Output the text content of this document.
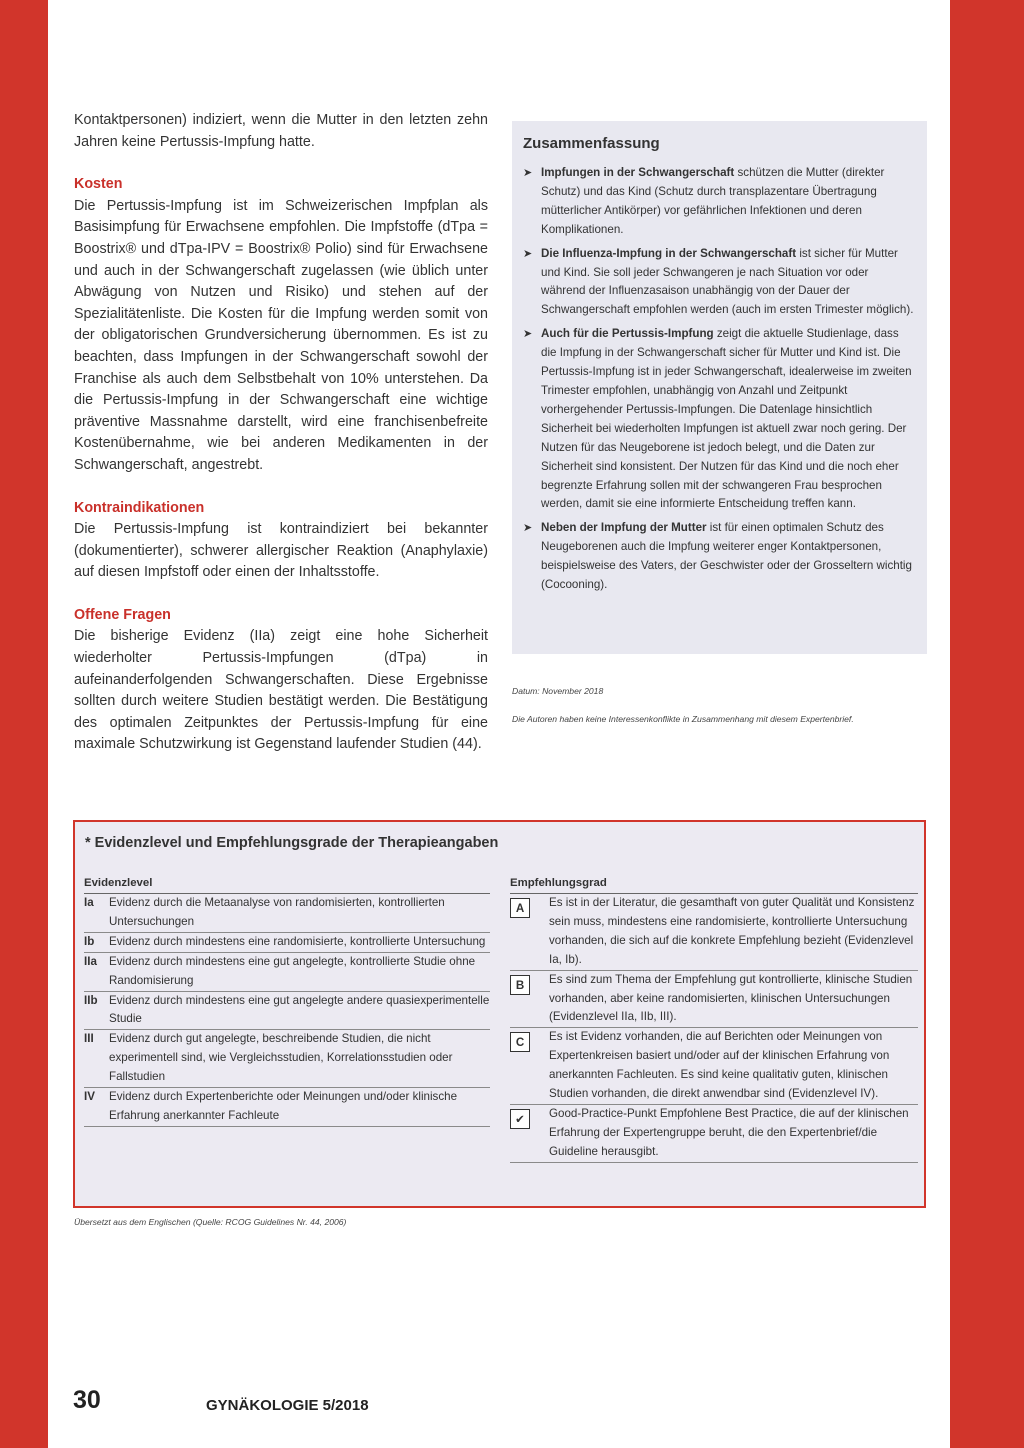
Kontaktpersonen) indiziert, wenn die Mutter in den letzten zehn Jahren keine Pertussis-Impfung hatte.

Kosten

Die Pertussis-Impfung ist im Schweizerischen Impfplan als Basisimpfung für Erwachsene empfohlen. Die Impfstoffe (dTpa = Boostrix® und dTpa-IPV = Boostrix® Polio) sind für Erwachsene und auch in der Schwangerschaft zugelassen (wie üblich unter Abwägung von Nutzen und Risiko) und stehen auf der Spezialitätenliste. Die Kosten für die Impfung werden somit von der obligatorischen Grundversicherung übernommen. Es ist zu beachten, dass Impfungen in der Schwangerschaft sowohl der Franchise als auch dem Selbstbehalt von 10% unterstehen. Da die Pertussis-Impfung in der Schwangerschaft eine wichtige präventive Massnahme darstellt, wird eine franchisenbefreite Kostenübernahme, wie bei anderen Medikamenten in der Schwangerschaft, angestrebt.

Kontraindikationen

Die Pertussis-Impfung ist kontraindiziert bei bekannter (dokumentierter), schwerer allergischer Reaktion (Anaphylaxie) auf diesen Impfstoff oder einen der Inhaltsstoffe.

Offene Fragen

Die bisherige Evidenz (IIa) zeigt eine hohe Sicherheit wiederholter Pertussis-Impfungen (dTpa) in aufeinanderfolgenden Schwangerschaften. Diese Ergebnisse sollten durch weitere Studien bestätigt werden. Die Bestätigung des optimalen Zeitpunktes der Pertussis-Impfung für eine maximale Schutzwirkung ist Gegenstand laufender Studien (44).

Zusammenfassung
➤ Impfungen in der Schwangerschaft schützen die Mutter (direkter Schutz) und das Kind (Schutz durch transplazentare Übertragung mütterlicher Antikörper) vor gefährlichen Infektionen und deren Komplikationen.
➤ Die Influenza-Impfung in der Schwangerschaft ist sicher für Mutter und Kind. Sie soll jeder Schwangeren je nach Situation vor oder während der Influenzasaison unabhängig von der Dauer der Schwangerschaft empfohlen werden (auch im ersten Trimester möglich).
➤ Auch für die Pertussis-Impfung zeigt die aktuelle Studienlage, dass die Impfung in der Schwangerschaft sicher für Mutter und Kind ist. Die Pertussis-Impfung ist in jeder Schwangerschaft, idealerweise im zweiten Trimester empfohlen, unabhängig von Anzahl und Zeitpunkt vorhergehender Pertussis-Impfungen. Die Datenlage hinsichtlich Sicherheit bei wiederholten Impfungen ist aktuell zwar noch gering. Der Nutzen für das Neugeborene ist jedoch belegt, und die Daten zur Sicherheit sind konsistent. Der Nutzen für das Kind und die noch eher begrenzte Erfahrung sollen mit der schwangeren Frau besprochen werden, damit sie eine informierte Entscheidung treffen kann.
➤ Neben der Impfung der Mutter ist für einen optimalen Schutz des Neugeborenen auch die Impfung weiterer enger Kontaktpersonen, beispielsweise des Vaters, der Geschwister oder der Grosseltern wichtig (Cocooning).
Datum: November 2018
Die Autoren haben keine Interessenkonflikte in Zusammenhang mit diesem Expertenbrief.
* Evidenzlevel und Empfehlungsgrade der Therapieangaben
Evidenzlevel
Ia	Evidenz durch die Metaanalyse von randomisierten, kontrollierten Untersuchungen
Ib	Evidenz durch mindestens eine randomisierte, kontrollierte Untersuchung
IIa	Evidenz durch mindestens eine gut angelegte, kontrollierte Studie ohne Randomisierung
IIb Evidenz durch mindestens eine gut angelegte andere quasiexperimentelle Studie
III	Evidenz durch gut angelegte, beschreibende Studien, die nicht experimentell sind, wie Vergleichsstudien, Korrelationsstudien oder Fallstudien
IV	Evidenz durch Expertenberichte oder Meinungen und/oder klinische Erfahrung anerkannter Fachleute
Empfehlungsgrad
A	Es ist in der Literatur, die gesamthaft von guter Qualität und Konsistenz sein muss, mindestens eine randomisierte, kontrollierte Untersuchung vorhanden, die sich auf die konkrete Empfehlung bezieht (Evidenzlevel Ia, Ib).
B	Es sind zum Thema der Empfehlung gut kontrollierte, klinische Studien vorhanden, aber keine randomisierten, klinischen Untersuchungen (Evidenzlevel IIa, IIb, III).
C	Es ist Evidenz vorhanden, die auf Berichten oder Meinungen von Expertenkreisen basiert und/oder auf der klinischen Erfahrung von anerkannten Fachleuten. Es sind keine qualitativ guten, klinischen Studien vorhanden, die direkt anwendbar sind (Evidenzlevel IV).
✔	Good-Practice-Punkt Empfohlene Best Practice, die auf der klinischen Erfahrung der Expertengruppe beruht, die den Expertenbrief/die Guideline herausgibt.
Übersetzt aus dem Englischen (Quelle: RCOG Guidelines Nr. 44, 2006)
30	GYNÄKOLOGIE 5/2018
